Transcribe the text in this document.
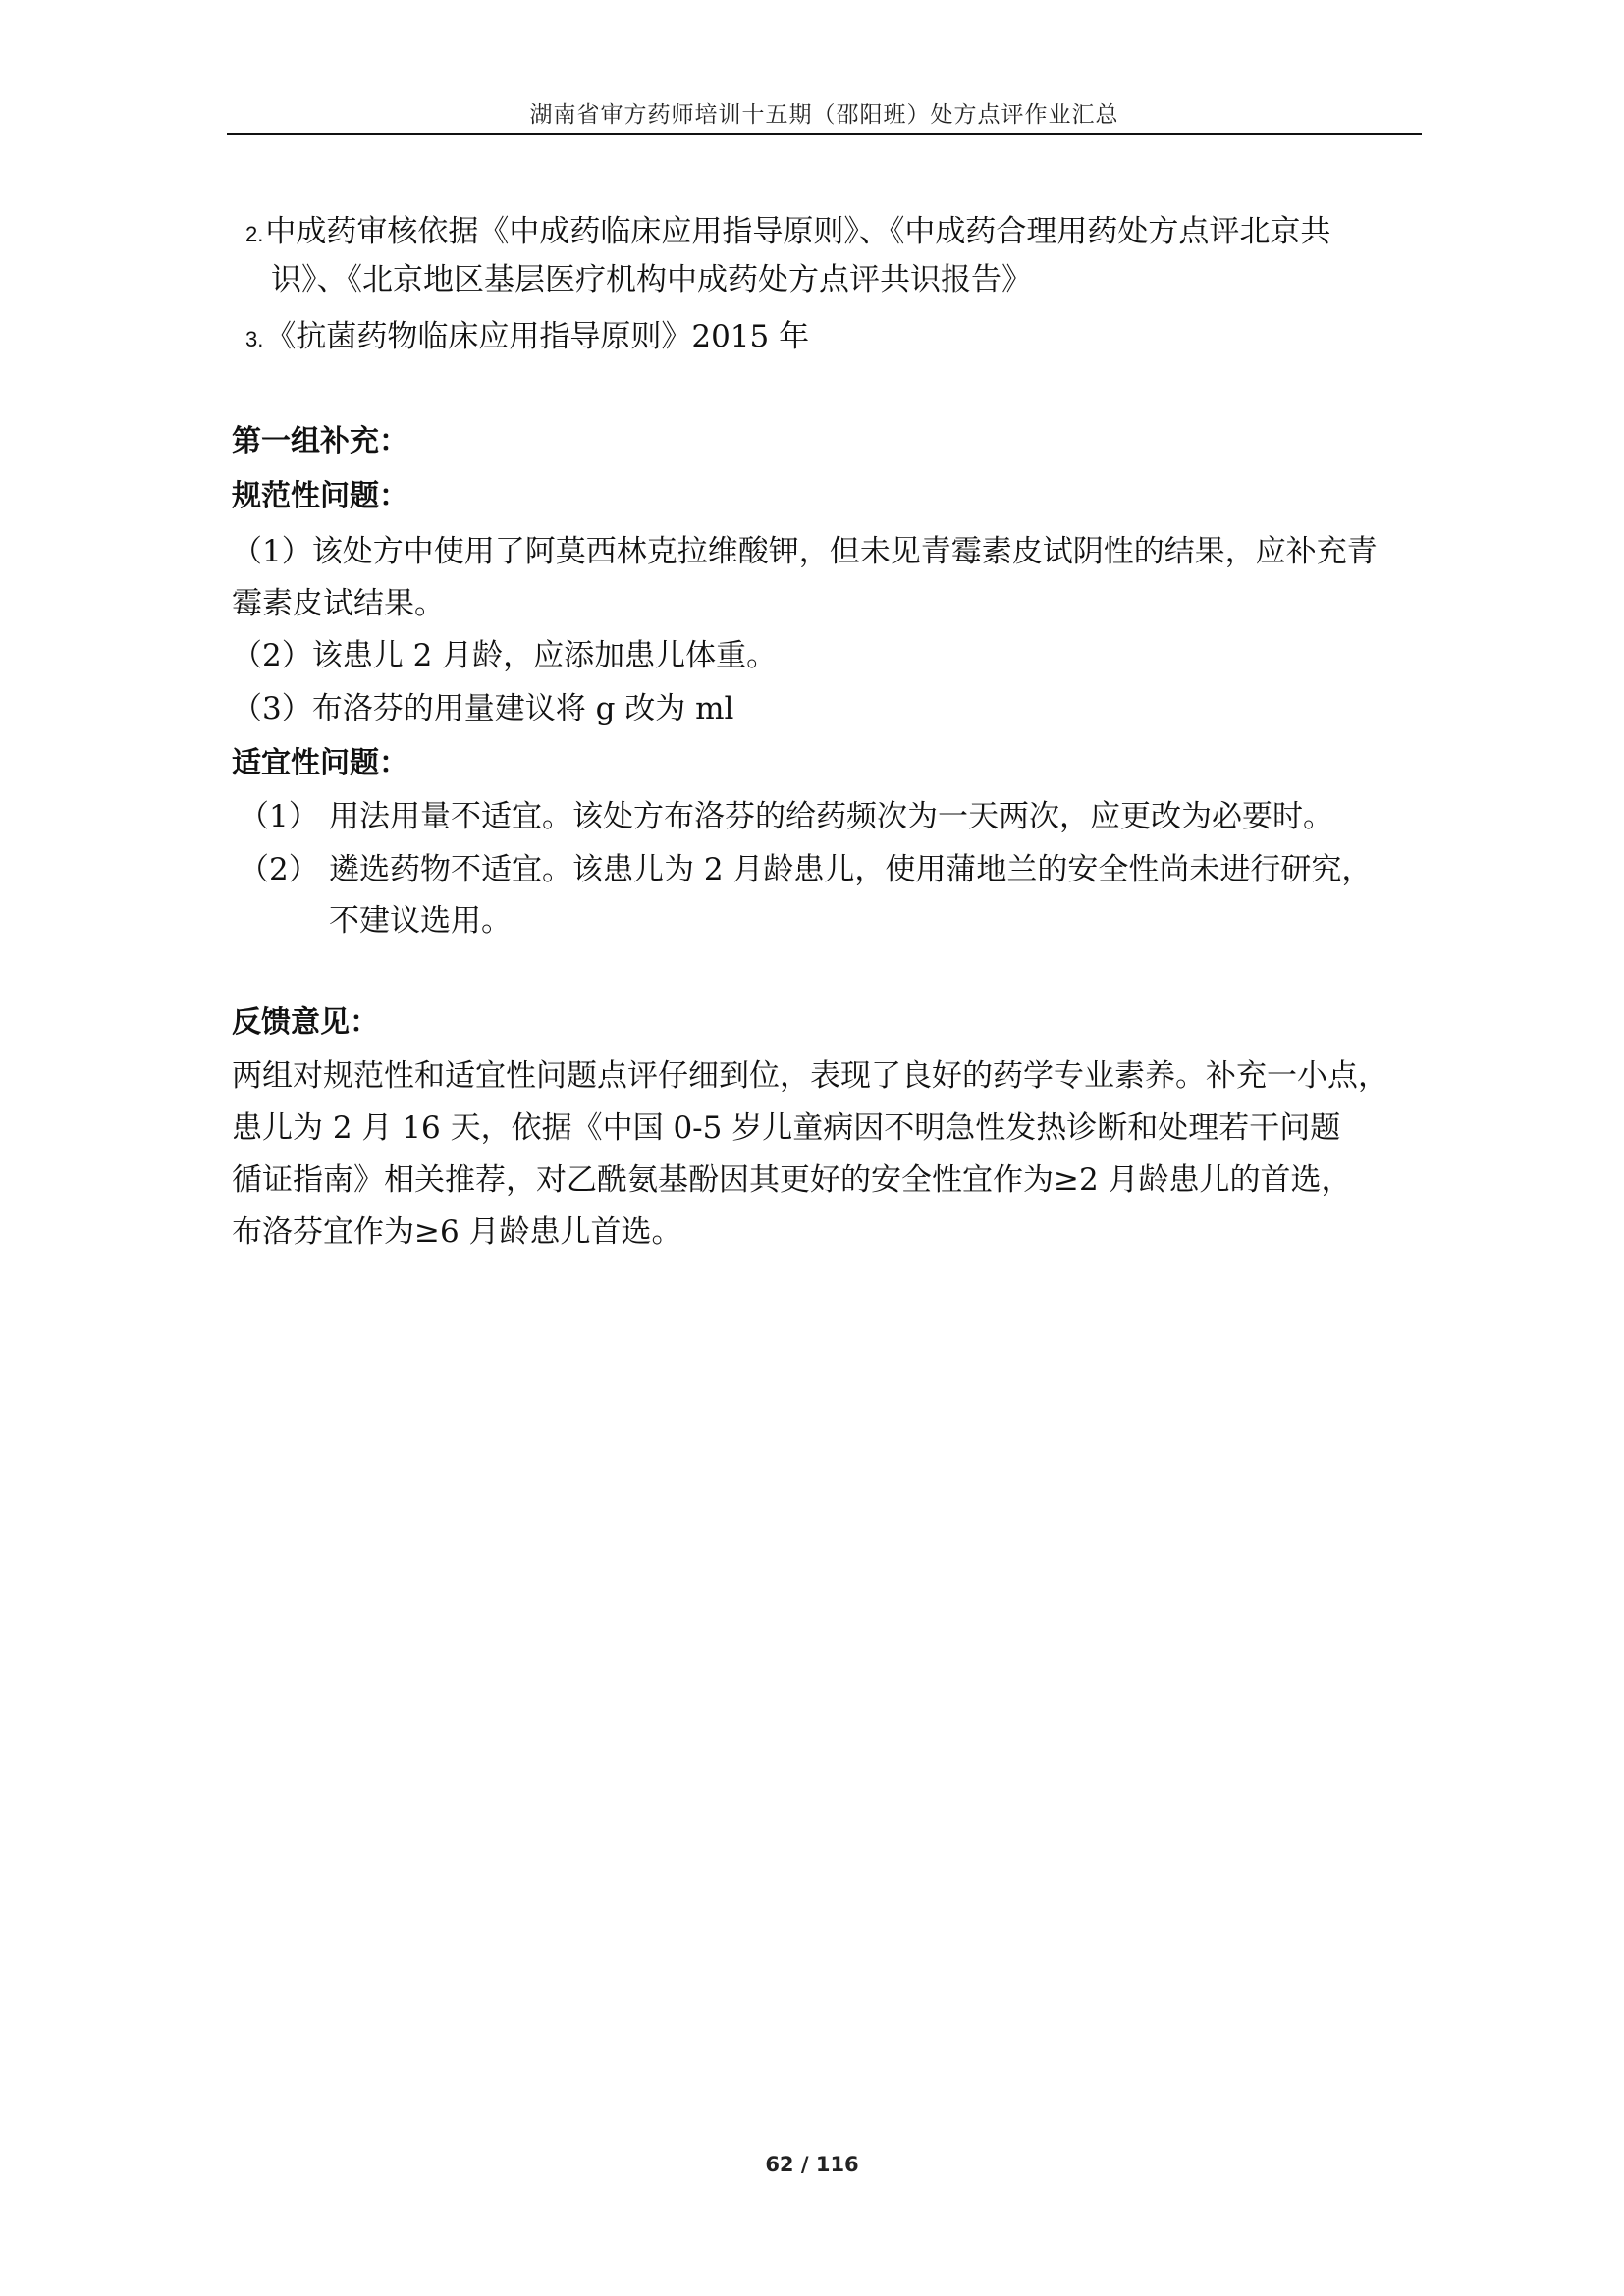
湖南省审方药师培训十五期（邵阳班）处方点评作业汇总
2.中成药审核依据《中成药临床应用指导原则》、《中成药合理用药处方点评北京共
识》、《北京地区基层医疗机构中成药处方点评共识报告》
3.《抗菌药物临床应用指导原则》2015 年
第一组补充：
规范性问题：
（1）该处方中使用了阿莫西林克拉维酸钾，但未见青霉素皮试阴性的结果，应补充青
霉素皮试结果。
（2）该患儿 2 月龄，应添加患儿体重。
（3）布洛芬的用量建议将 g 改为 ml
适宜性问题：
（1） 用法用量不适宜。该处方布洛芬的给药频次为一天两次，应更改为必要时。
（2） 遴选药物不适宜。该患儿为 2 月龄患儿，使用蒲地兰的安全性尚未进行研究，
不建议选用。
反馈意见：
两组对规范性和适宜性问题点评仔细到位，表现了良好的药学专业素养。补充一小点，
患儿为 2 月 16 天，依据《中国 0-5 岁儿童病因不明急性发热诊断和处理若干问题
循证指南》相关推荐，对乙酰氨基酚因其更好的安全性宜作为≥2 月龄患儿的首选，
布洛芬宜作为≥6 月龄患儿首选。
62 / 116
